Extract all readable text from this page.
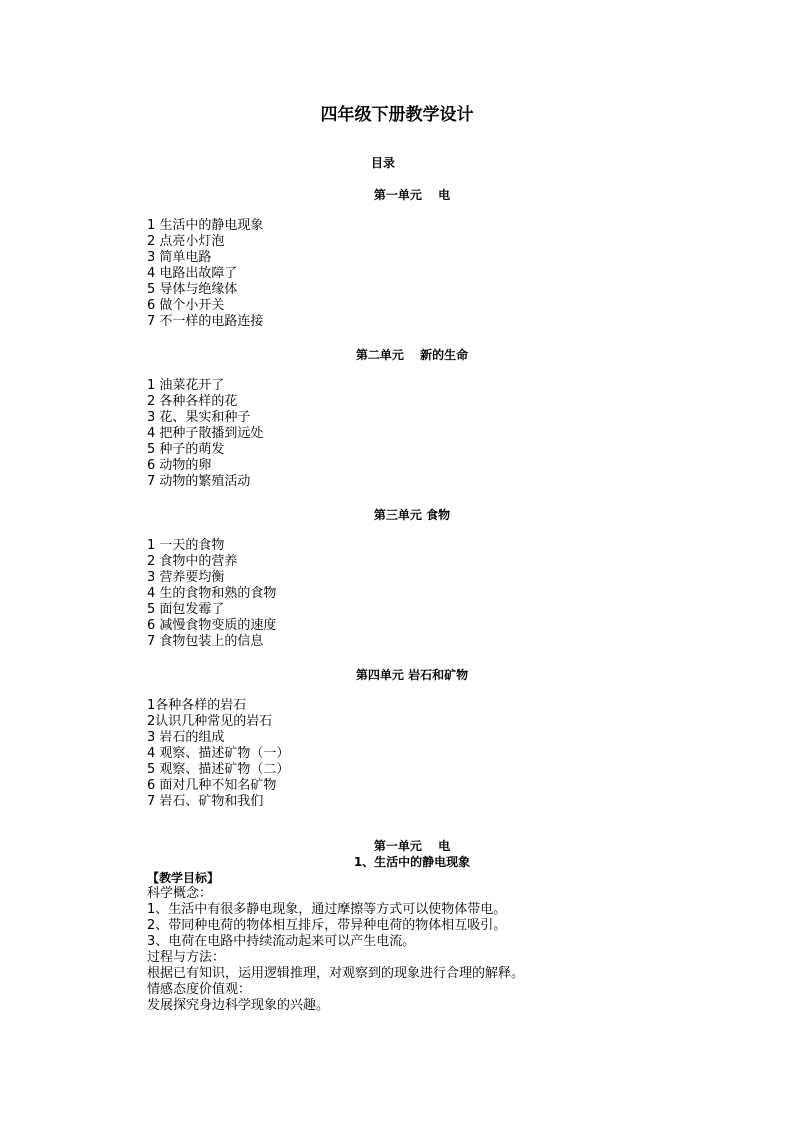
四年级下册教学设计
目录
第一单元　 电
1 生活中的静电现象
2 点亮小灯泡
3 简单电路
4 电路出故障了
5 导体与绝缘体
6 做个小开关
7 不一样的电路连接
第二单元　 新的生命
1 油菜花开了
2 各种各样的花
3 花、果实和种子
4 把种子散播到远处
5 种子的萌发
6 动物的卵
7 动物的繁殖活动
第三单元 食物
1 一天的食物
2 食物中的营养
3 营养要均衡
4 生的食物和熟的食物
5 面包发霉了
6 减慢食物变质的速度
7 食物包装上的信息
第四单元 岩石和矿物
1各种各样的岩石
2认识几种常见的岩石
3 岩石的组成
4 观察、描述矿物（一）
5 观察、描述矿物（二）
6 面对几种不知名矿物
7 岩石、矿物和我们
第一单元　 电
1、生活中的静电现象
【教学目标】
科学概念：
1、生活中有很多静电现象，通过摩擦等方式可以使物体带电。
2、带同种电荷的物体相互排斥，带异种电荷的物体相互吸引。
3、电荷在电路中持续流动起来可以产生电流。
过程与方法：
根据已有知识，运用逻辑推理，对观察到的现象进行合理的解释。
情感态度价值观：
发展探究身边科学现象的兴趣。
